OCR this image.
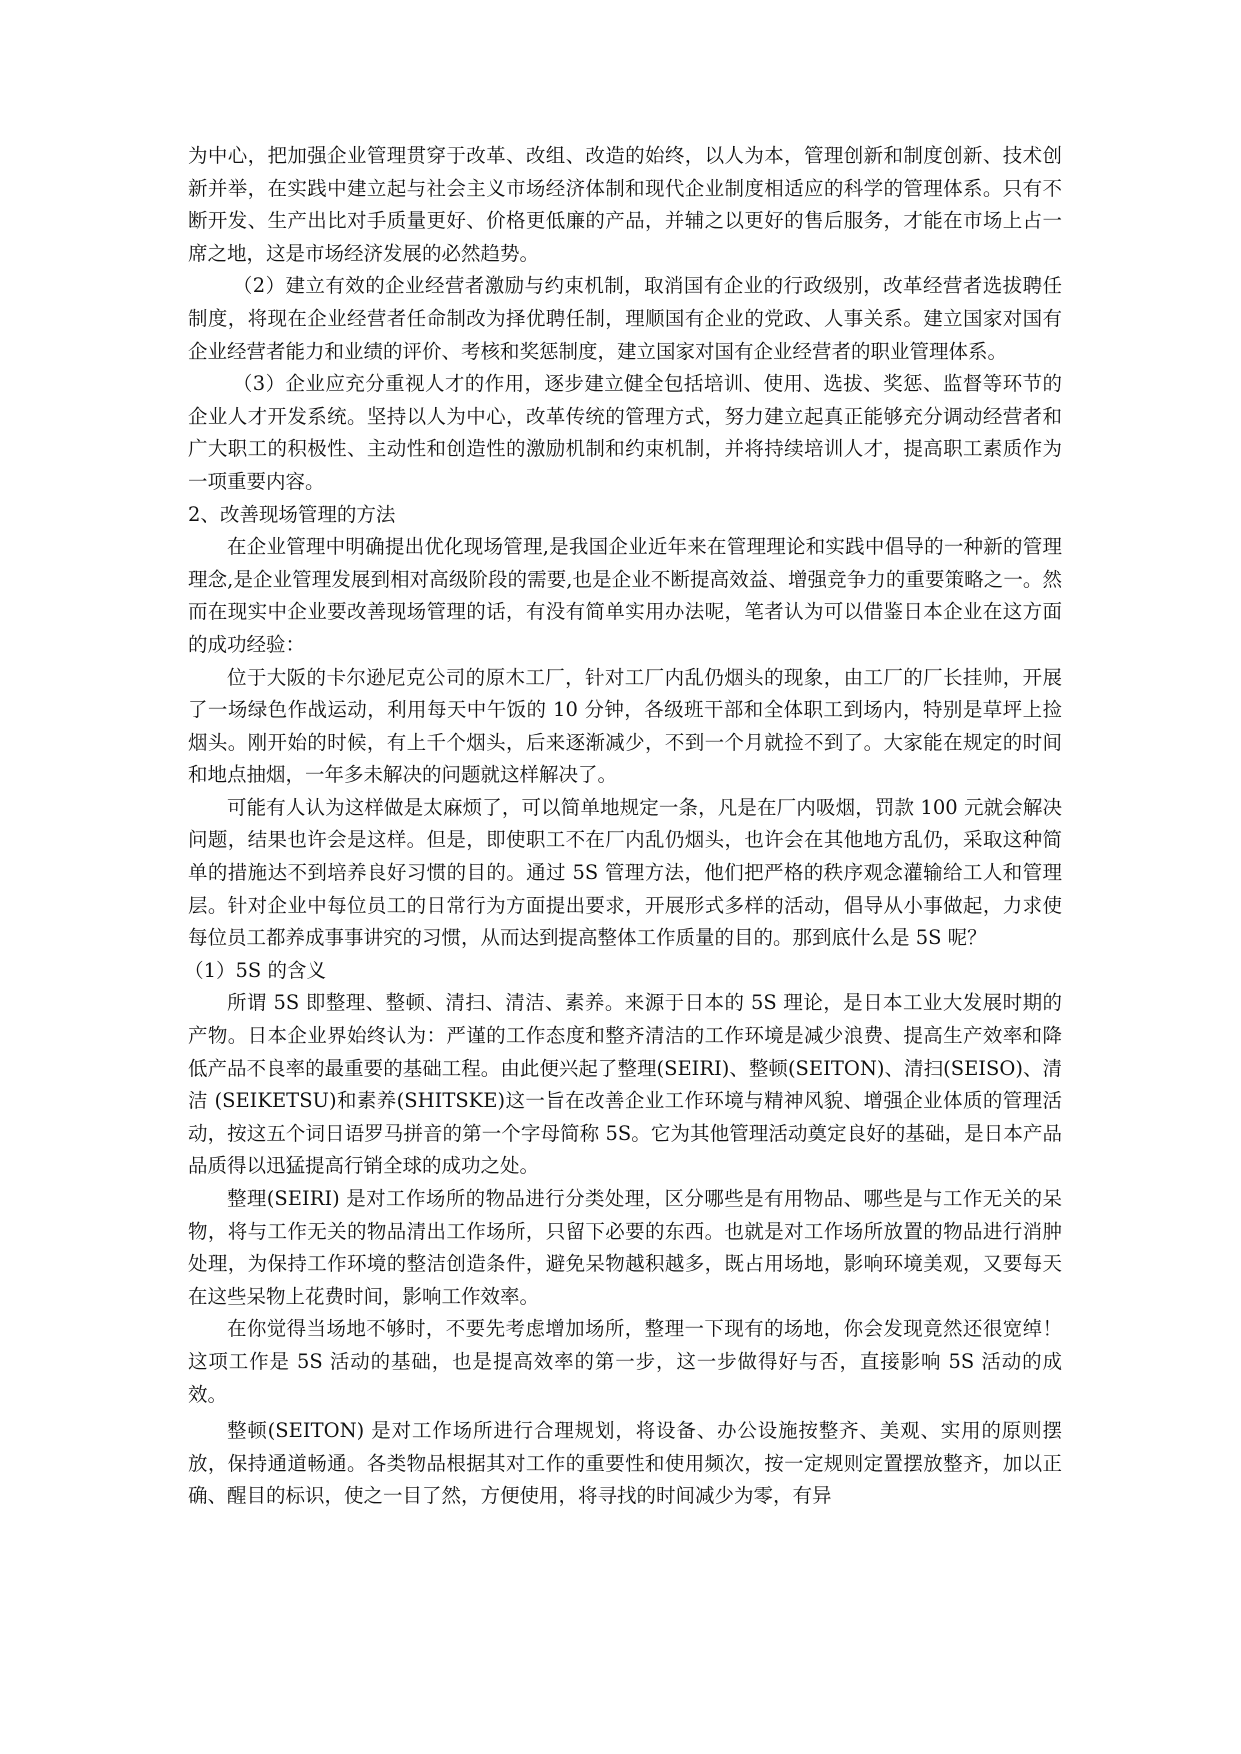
为中心，把加强企业管理贯穿于改革、改组、改造的始终，以人为本，管理创新和制度创新、技术创新并举，在实践中建立起与社会主义市场经济体制和现代企业制度相适应的科学的管理体系。只有不断开发、生产出比对手质量更好、价格更低廉的产品，并辅之以更好的售后服务，才能在市场上占一席之地，这是市场经济发展的必然趋势。

（2）建立有效的企业经营者激励与约束机制，取消国有企业的行政级别，改革经营者选拔聘任制度，将现在企业经营者任命制改为择优聘任制，理顺国有企业的党政、人事关系。建立国家对国有企业经营者能力和业绩的评价、考核和奖惩制度，建立国家对国有企业经营者的职业管理体系。

（3）企业应充分重视人才的作用，逐步建立健全包括培训、使用、选拔、奖惩、监督等环节的企业人才开发系统。坚持以人为中心，改革传统的管理方式，努力建立起真正能够充分调动经营者和广大职工的积极性、主动性和创造性的激励机制和约束机制，并将持续培训人才，提高职工素质作为一项重要内容。

2、改善现场管理的方法

在企业管理中明确提出优化现场管理,是我国企业近年来在管理理论和实践中倡导的一种新的管理理念,是企业管理发展到相对高级阶段的需要,也是企业不断提高效益、增强竞争力的重要策略之一。然而在现实中企业要改善现场管理的话，有没有简单实用办法呢，笔者认为可以借鉴日本企业在这方面的成功经验：

位于大阪的卡尔逊尼克公司的原木工厂，针对工厂内乱仍烟头的现象，由工厂的厂长挂帅，开展了一场绿色作战运动，利用每天中午饭的 10 分钟，各级班干部和全体职工到场内，特别是草坪上捡烟头。刚开始的时候，有上千个烟头，后来逐渐减少，不到一个月就捡不到了。大家能在规定的时间和地点抽烟，一年多未解决的问题就这样解决了。

可能有人认为这样做是太麻烦了，可以简单地规定一条，凡是在厂内吸烟，罚款 100 元就会解决问题，结果也许会是这样。但是，即使职工不在厂内乱仍烟头，也许会在其他地方乱仍，采取这种简单的措施达不到培养良好习惯的目的。通过 5S 管理方法，他们把严格的秩序观念灌输给工人和管理层。针对企业中每位员工的日常行为方面提出要求，开展形式多样的活动，倡导从小事做起，力求使每位员工都养成事事讲究的习惯，从而达到提高整体工作质量的目的。那到底什么是 5S 呢？

（1）5S 的含义

所谓 5S 即整理、整顿、清扫、清洁、素养。来源于日本的 5S 理论，是日本工业大发展时期的产物。日本企业界始终认为：严谨的工作态度和整齐清洁的工作环境是减少浪费、提高生产效率和降低产品不良率的最重要的基础工程。由此便兴起了整理(SEIRI)、整顿(SEITON)、清扫(SEISO)、清洁 (SEIKETSU)和素养(SHITSKE)这一旨在改善企业工作环境与精神风貌、增强企业体质的管理活动，按这五个词日语罗马拼音的第一个字母简称 5S。它为其他管理活动奠定良好的基础，是日本产品品质得以迅猛提高行销全球的成功之处。

整理(SEIRI) 是对工作场所的物品进行分类处理，区分哪些是有用物品、哪些是与工作无关的呆物，将与工作无关的物品清出工作场所，只留下必要的东西。也就是对工作场所放置的物品进行消肿处理，为保持工作环境的整洁创造条件，避免呆物越积越多，既占用场地，影响环境美观，又要每天在这些呆物上花费时间，影响工作效率。

在你觉得当场地不够时，不要先考虑增加场所，整理一下现有的场地，你会发现竟然还很宽绰！这项工作是 5S 活动的基础，也是提高效率的第一步，这一步做得好与否，直接影响 5S 活动的成效。

整顿(SEITON) 是对工作场所进行合理规划，将设备、办公设施按整齐、美观、实用的原则摆放，保持通道畅通。各类物品根据其对工作的重要性和使用频次，按一定规则定置摆放整齐，加以正确、醒目的标识，使之一目了然，方便使用，将寻找的时间减少为零，有异
